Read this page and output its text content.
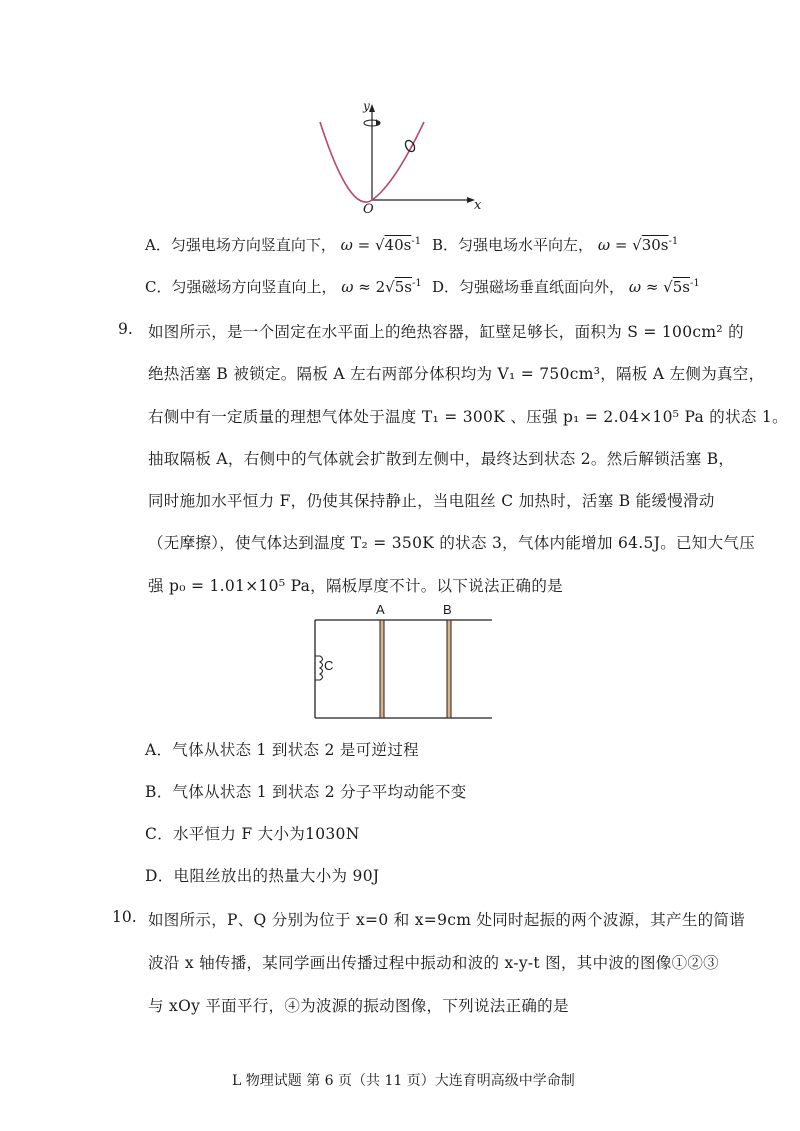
y
x
O
A．匀强电场方向竖直向下， $\omega = √40s^{-1}$ B．匀强电场水平向左， $\omega = √30s^{-1}$
C．匀强磁场方向竖直向上， $\omega \approx 2√5s^{-1}$ D．匀强磁场垂直纸面向外， $\omega \approx √5s^{-1}$
9. 如图所示，是一个固定在水平面上的绝热容器，缸壁足够长，面积为 S = 100cm² 的
绝热活塞 B 被锁定。隔板 A 左右两部分体积均为 V₁ = 750cm³，隔板 A 左侧为真空，
右侧中有一定质量的理想气体处于温度 T₁ = 300K 、压强 p₁ = 2.04×10⁵ Pa 的状态 1。
抽取隔板 A，右侧中的气体就会扩散到左侧中，最终达到状态 2。然后解锁活塞 B，
同时施加水平恒力 F，仍使其保持静止，当电阻丝 C 加热时，活塞 B 能缓慢滑动
（无摩擦），使气体达到温度 T₂ = 350K 的状态 3，气体内能增加 64.5J。已知大气压
强 p₀ = 1.01×10⁵ Pa，隔板厚度不计。以下说法正确的是
A	B
C
A．气体从状态 1 到状态 2 是可逆过程
B．气体从状态 1 到状态 2 分子平均动能不变
C．水平恒力 F 大小为1030N
D．电阻丝放出的热量大小为 90J
10. 如图所示，P、Q 分别为位于 x=0 和 x=9cm 处同时起振的两个波源，其产生的简谐
波沿 x 轴传播，某同学画出传播过程中振动和波的 x-y-t 图，其中波的图像①②③
与 xOy 平面平行，④为波源的振动图像，下列说法正确的是
L 物理试题 第 6 页（共 11 页）大连育明高级中学命制
